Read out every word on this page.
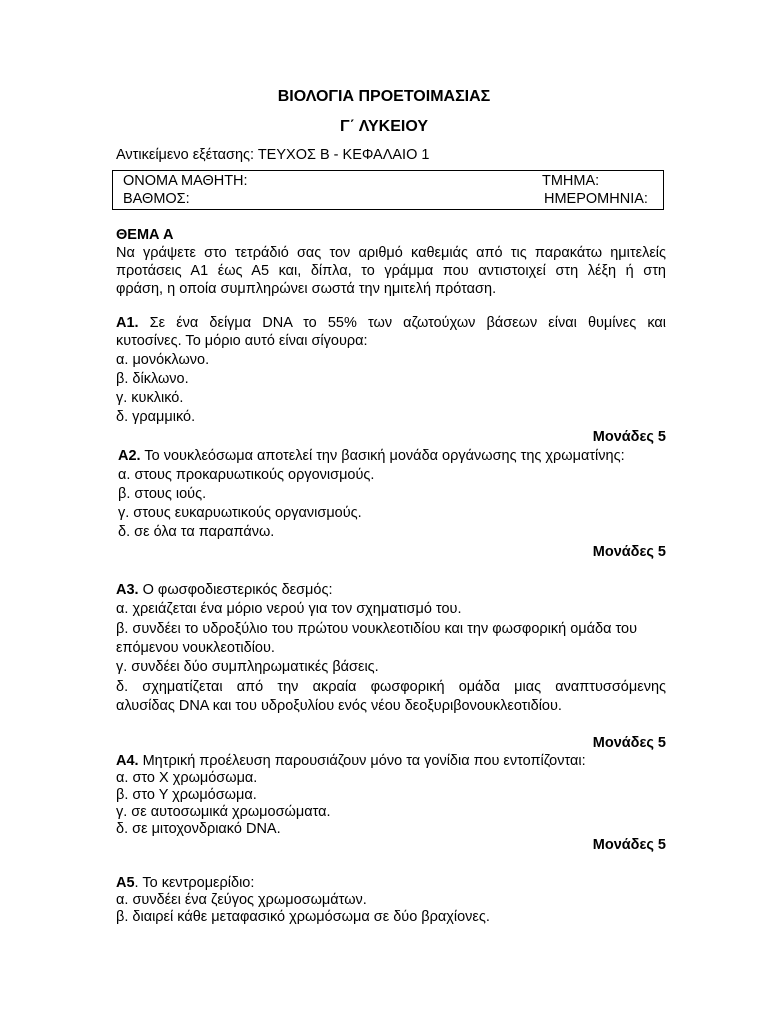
ΒΙΟΛΟΓΙΑ ΠΡΟΕΤΟΙΜΑΣΙΑΣ
Γ΄ ΛΥΚΕΙΟΥ
Αντικείμενο εξέτασης: ΤΕΥΧΟΣ Β - ΚΕΦΑΛΑΙΟ 1
ΟΝΟΜΑ ΜΑΘΗΤΗ:	ΤΜΗΜΑ:
ΒΑΘΜΟΣ:	ΗΜΕΡΟΜΗΝΙΑ:
ΘΕΜΑ Α
Να γράψετε στο τετράδιό σας τον αριθμό καθεμιάς από τις παρακάτω ημιτελείς
προτάσεις Α1 έως Α5 και, δίπλα, το γράμμα που αντιστοιχεί στη λέξη ή στη
φράση, η οποία συμπληρώνει σωστά την ημιτελή πρόταση.
Α1. Σε ένα δείγμα DNA το 55% των αζωτούχων βάσεων είναι θυμίνες και
κυτοσίνες. Το μόριο αυτό είναι σίγουρα:
α. μονόκλωνο.
β. δίκλωνο.
γ. κυκλικό.
δ. γραμμικό.
Μονάδες 5
Α2. Το νουκλεόσωμα αποτελεί την βασική μονάδα οργάνωσης της χρωματίνης:
α. στους προκαρυωτικούς οργονισμούς.
β. στους ιούς.
γ. στους ευκαρυωτικούς οργανισμούς.
δ. σε όλα τα παραπάνω.
Μονάδες 5
Α3. Ο φωσφοδιεστερικός δεσμός:
α. χρειάζεται ένα μόριο νερού για τον σχηματισμό του.
β. συνδέει το υδροξύλιο του πρώτου νουκλεοτιδίου και την φωσφορική ομάδα του
επόμενου νουκλεοτιδίου.
γ. συνδέει δύο συμπληρωματικές βάσεις.
δ. σχηματίζεται από την ακραία φωσφορική ομάδα μιας αναπτυσσόμενης
αλυσίδας DNA και του υδροξυλίου ενός νέου δεοξυριβονουκλεοτιδίου.
Μονάδες 5
Α4. Μητρική προέλευση παρουσιάζουν μόνο τα γονίδια που εντοπίζονται:
α. στο Χ χρωμόσωμα.
β. στο Υ χρωμόσωμα.
γ. σε αυτοσωμικά χρωμοσώματα.
δ. σε μιτοχονδριακό DNA.
Μονάδες 5
Α5. Το κεντρομερίδιο:
α. συνδέει ένα ζεύγος χρωμοσωμάτων.
β. διαιρεί κάθε μεταφασικό χρωμόσωμα σε δύο βραχίονες.
